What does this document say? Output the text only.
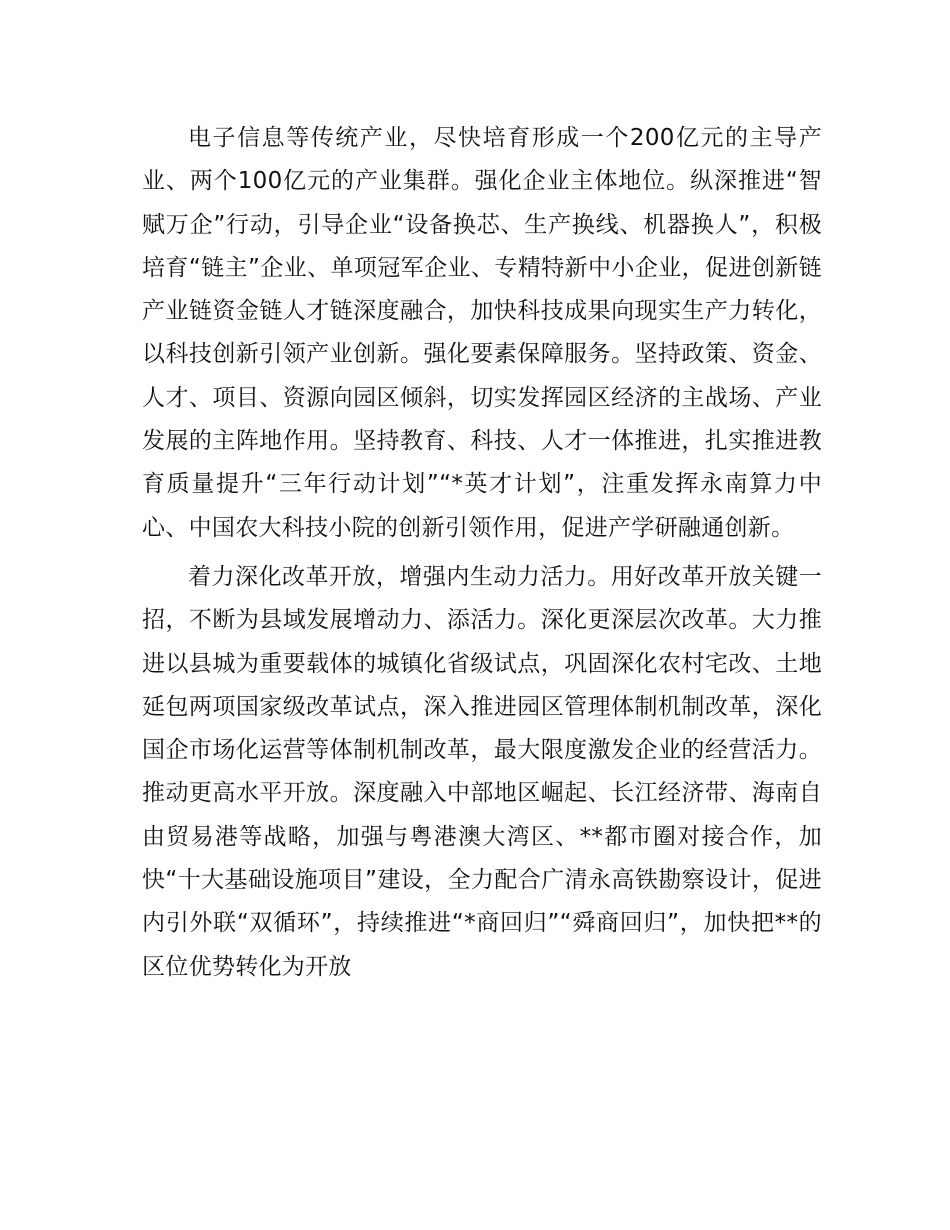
电子信息等传统产业，尽快培育形成一个200亿元的主导产业、两个100亿元的产业集群。强化企业主体地位。纵深推进“智赋万企”行动，引导企业“设备换芯、生产换线、机器换人”，积极培育“链主”企业、单项冠军企业、专精特新中小企业，促进创新链产业链资金链人才链深度融合，加快科技成果向现实生产力转化，以科技创新引领产业创新。强化要素保障服务。坚持政策、资金、人才、项目、资源向园区倾斜，切实发挥园区经济的主战场、产业发展的主阵地作用。坚持教育、科技、人才一体推进，扎实推进教育质量提升“三年行动计划”“*英才计划”，注重发挥永南算力中心、中国农大科技小院的创新引领作用，促进产学研融通创新。

着力深化改革开放，增强内生动力活力。用好改革开放关键一招，不断为县域发展增动力、添活力。深化更深层次改革。大力推进以县城为重要载体的城镇化省级试点，巩固深化农村宅改、土地延包两项国家级改革试点，深入推进园区管理体制机制改革，深化国企市场化运营等体制机制改革，最大限度激发企业的经营活力。推动更高水平开放。深度融入中部地区崛起、长江经济带、海南自由贸易港等战略，加强与粤港澳大湾区、**都市圈对接合作，加快“十大基础设施项目”建设，全力配合广清永高铁勘察设计，促进内引外联“双循环”，持续推进“*商回归”“舜商回归”，加快把**的区位优势转化为开放
